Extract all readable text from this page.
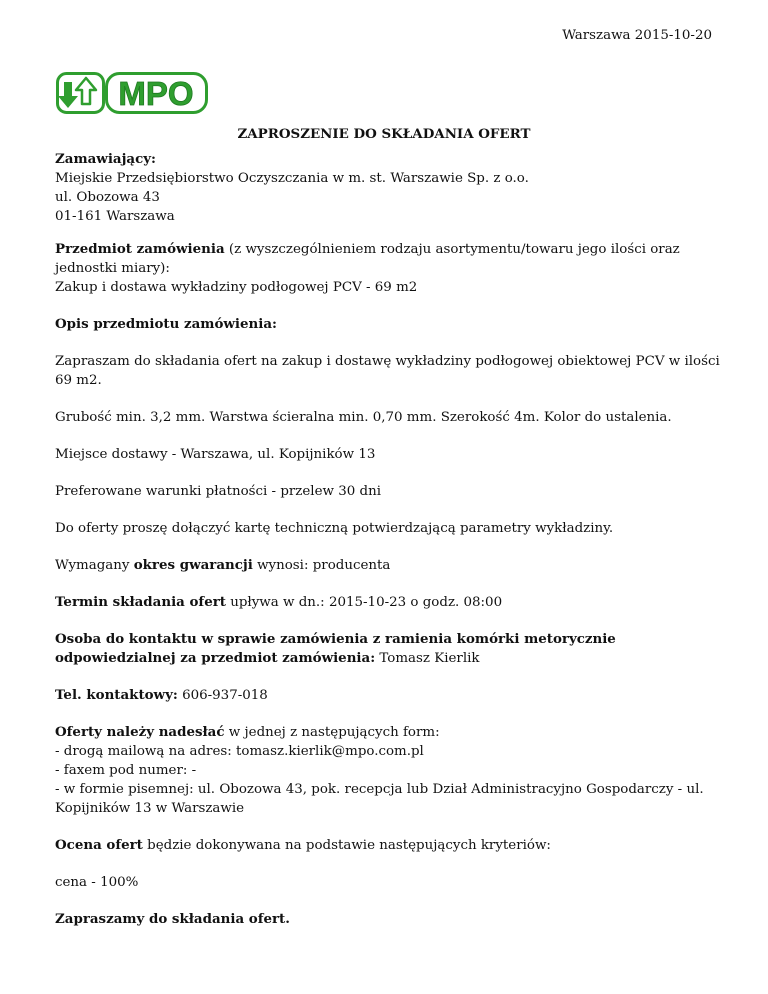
Warszawa 2015-10-20
MPO
ZAPROSZENIE DO SKŁADANIA OFERT

Zamawiający:
Miejskie Przedsiębiorstwo Oczyszczania w m. st. Warszawie Sp. z o.o.
ul. Obozowa 43
01-161 Warszawa

Przedmiot zamówienia (z wyszczególnieniem rodzaju asortymentu/towaru jego ilości oraz jednostki miary):
Zakup i dostawa wykładziny podłogowej PCV - 69 m2

Opis przedmiotu zamówienia:

Zapraszam do składania ofert na zakup i dostawę wykładziny podłogowej obiektowej PCV w ilości 69 m2.

Grubość min. 3,2 mm. Warstwa ścieralna min. 0,70 mm. Szerokość 4m. Kolor do ustalenia.

Miejsce dostawy - Warszawa, ul. Kopijników 13

Preferowane warunki płatności - przelew 30 dni

Do oferty proszę dołączyć kartę techniczną potwierdzającą parametry wykładziny.

Wymagany okres gwarancji wynosi: producenta

Termin składania ofert upływa w dn.: 2015-10-23 o godz. 08:00

Osoba do kontaktu w sprawie zamówienia z ramienia komórki metorycznie odpowiedzialnej za przedmiot zamówienia: Tomasz Kierlik

Tel. kontaktowy: 606-937-018

Oferty należy nadesłać w jednej z następujących form:
- drogą mailową na adres: tomasz.kierlik@mpo.com.pl
- faxem pod numer: -
- w formie pisemnej: ul. Obozowa 43, pok. recepcja lub Dział Administracyjno Gospodarczy - ul. Kopijników 13 w Warszawie

Ocena ofert będzie dokonywana na podstawie następujących kryteriów:

cena - 100%

Zapraszamy do składania ofert.
